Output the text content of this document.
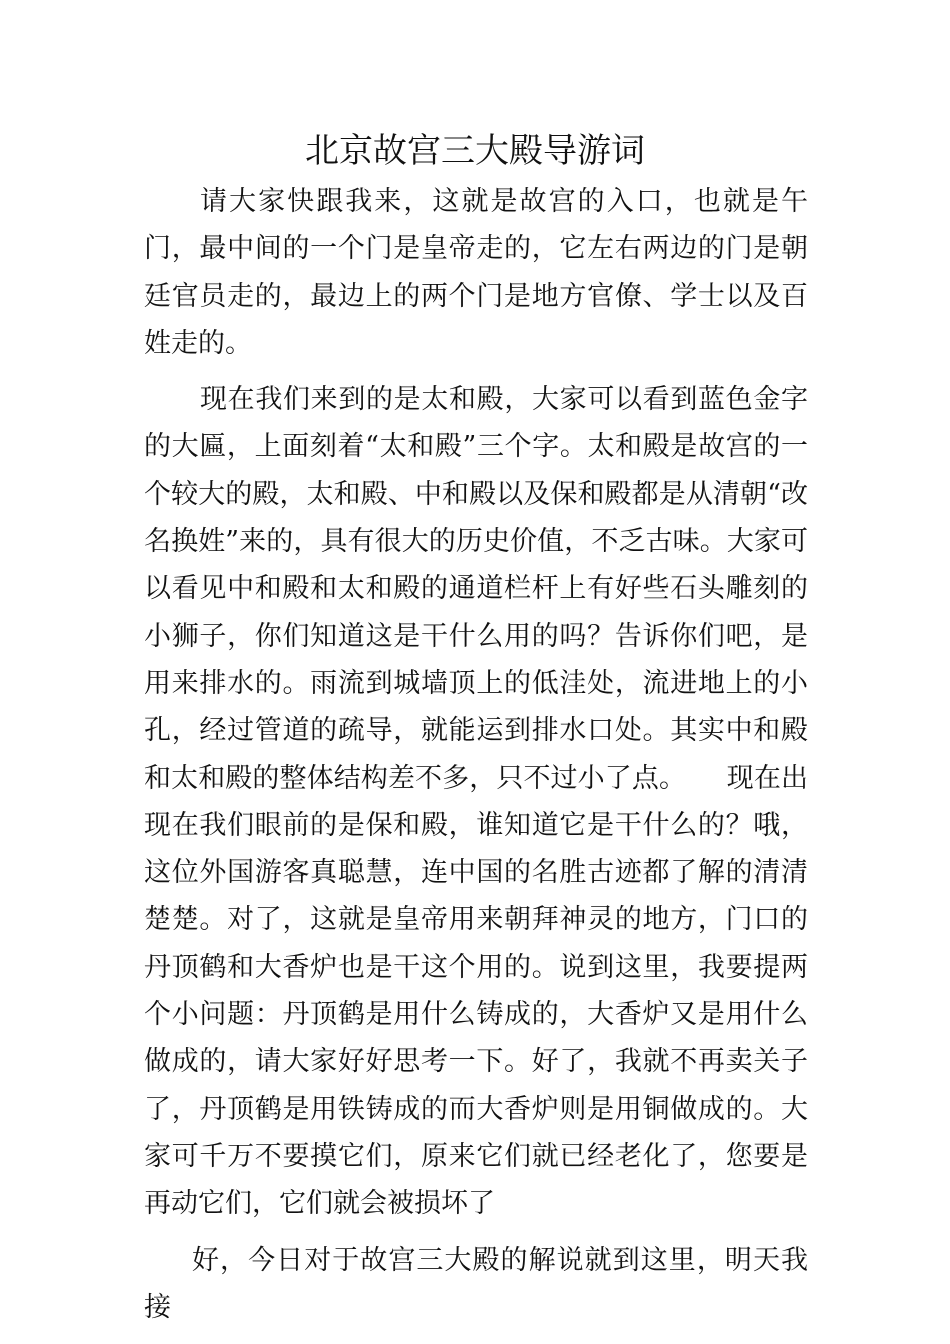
北京故宫三大殿导游词

请大家快跟我来，这就是故宫的入口，也就是午门，最中间的一个门是皇帝走的，它左右两边的门是朝廷官员走的，最边上的两个门是地方官僚、学士以及百姓走的。

现在我们来到的是太和殿，大家可以看到蓝色金字的大匾，上面刻着“太和殿”三个字。太和殿是故宫的一个较大的殿，太和殿、中和殿以及保和殿都是从清朝“改名换姓”来的，具有很大的历史价值，不乏古味。大家可以看见中和殿和太和殿的通道栏杆上有好些石头雕刻的小狮子，你们知道这是干什么用的吗？告诉你们吧，是用来排水的。雨流到城墙顶上的低洼处，流进地上的小孔，经过管道的疏导，就能运到排水口处。其实中和殿和太和殿的整体结构差不多，只不过小了点。　　现在出现在我们眼前的是保和殿，谁知道它是干什么的？哦，这位外国游客真聪慧，连中国的名胜古迹都了解的清清楚楚。对了，这就是皇帝用来朝拜神灵的地方，门口的丹顶鹤和大香炉也是干这个用的。说到这里，我要提两个小问题：丹顶鹤是用什么铸成的，大香炉又是用什么做成的，请大家好好思考一下。好了，我就不再卖关子了，丹顶鹤是用铁铸成的而大香炉则是用铜做成的。大家可千万不要摸它们，原来它们就已经老化了，您要是再动它们，它们就会被损坏了

好，今日对于故宫三大殿的解说就到这里，明天我接
